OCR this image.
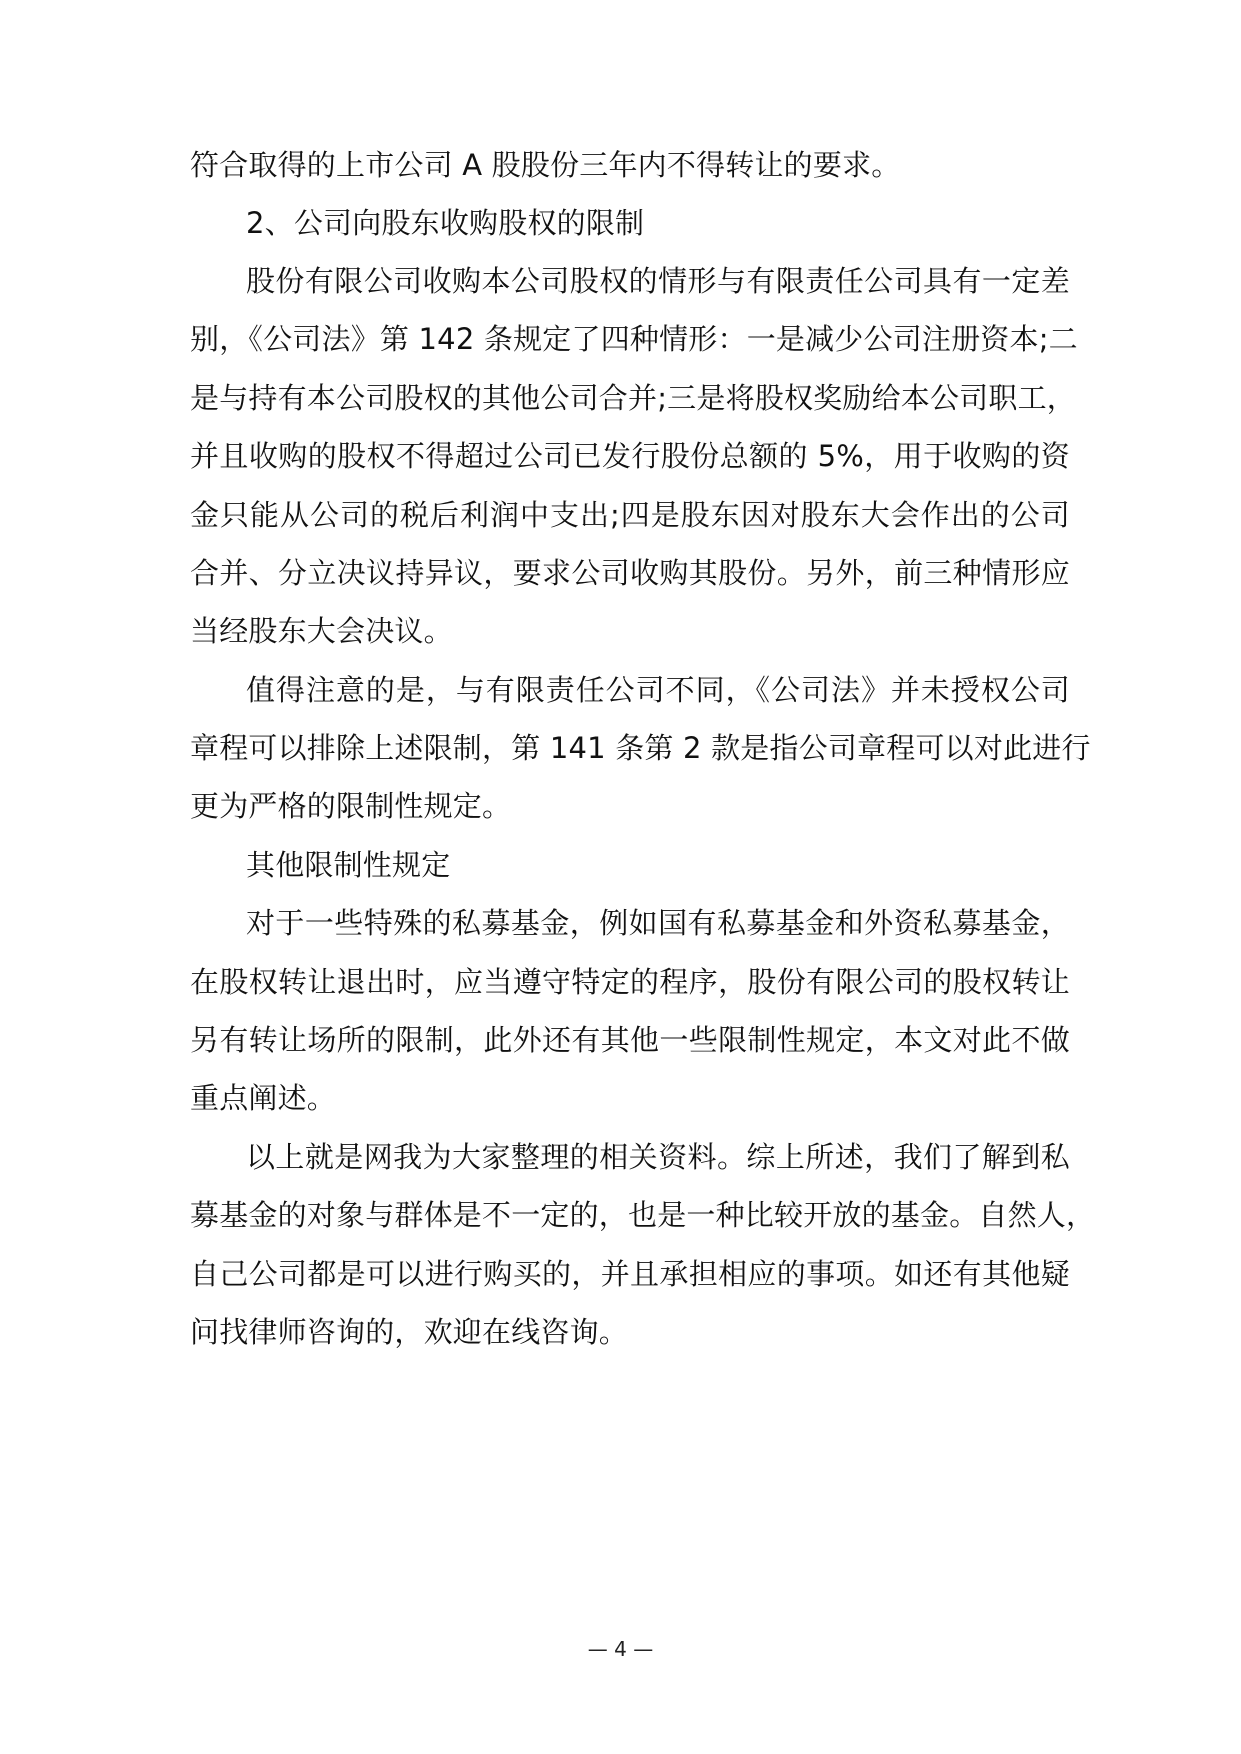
符合取得的上市公司 A 股股份三年内不得转让的要求。
2、公司向股东收购股权的限制
股份有限公司收购本公司股权的情形与有限责任公司具有一定差
别，《公司法》第 142 条规定了四种情形：一是减少公司注册资本;二
是与持有本公司股权的其他公司合并;三是将股权奖励给本公司职工，
并且收购的股权不得超过公司已发行股份总额的 5%，用于收购的资
金只能从公司的税后利润中支出;四是股东因对股东大会作出的公司
合并、分立决议持异议，要求公司收购其股份。另外，前三种情形应
当经股东大会决议。
值得注意的是，与有限责任公司不同，《公司法》并未授权公司
章程可以排除上述限制，第 141 条第 2 款是指公司章程可以对此进行
更为严格的限制性规定。
其他限制性规定
对于一些特殊的私募基金，例如国有私募基金和外资私募基金，
在股权转让退出时，应当遵守特定的程序，股份有限公司的股权转让
另有转让场所的限制，此外还有其他一些限制性规定，本文对此不做
重点阐述。
以上就是网我为大家整理的相关资料。综上所述，我们了解到私
募基金的对象与群体是不一定的，也是一种比较开放的基金。自然人，
自己公司都是可以进行购买的，并且承担相应的事项。如还有其他疑
问找律师咨询的，欢迎在线咨询。
— 4 —
